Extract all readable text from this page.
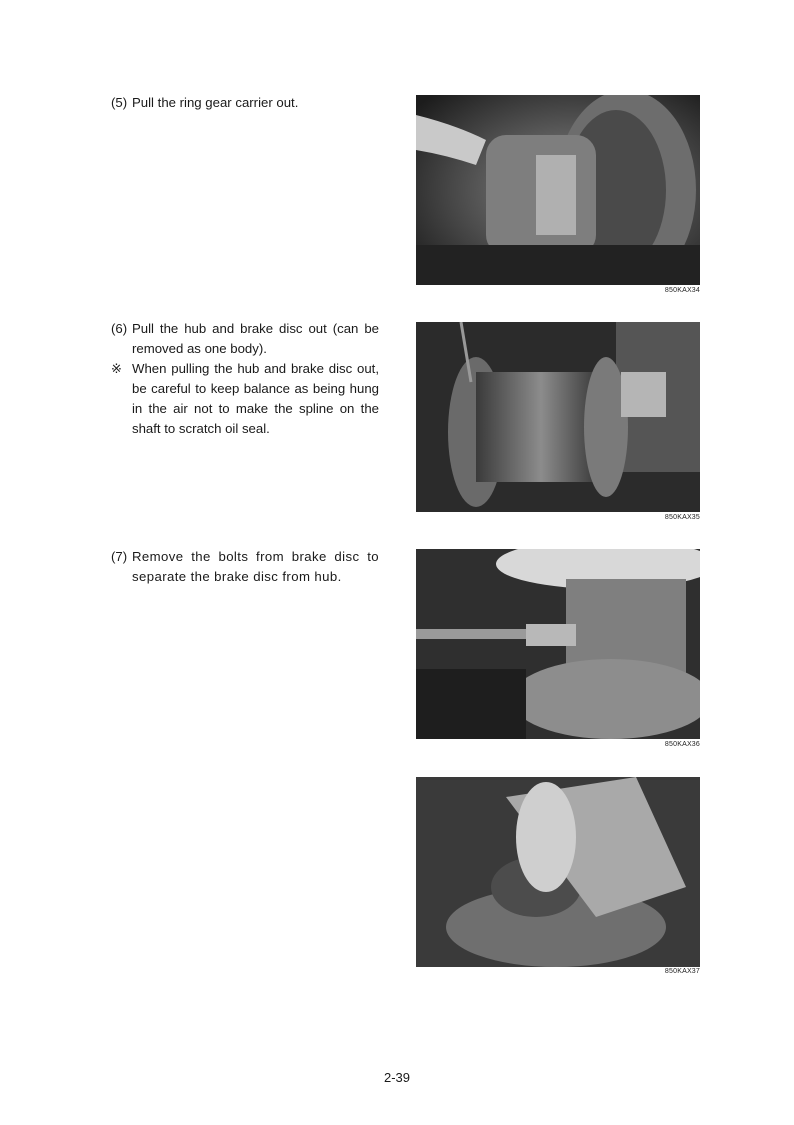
(5) Pull the ring gear carrier out.
850KAX34
(6) Pull the hub and brake disc out (can be removed as one body).
※ When pulling the hub and brake disc out, be careful to keep balance as being hung in the air not to make the spline on the shaft to scratch oil seal.
850KAX35
(7) Remove the bolts from brake disc to separate the brake disc from hub.
850KAX36
850KAX37
2-39
